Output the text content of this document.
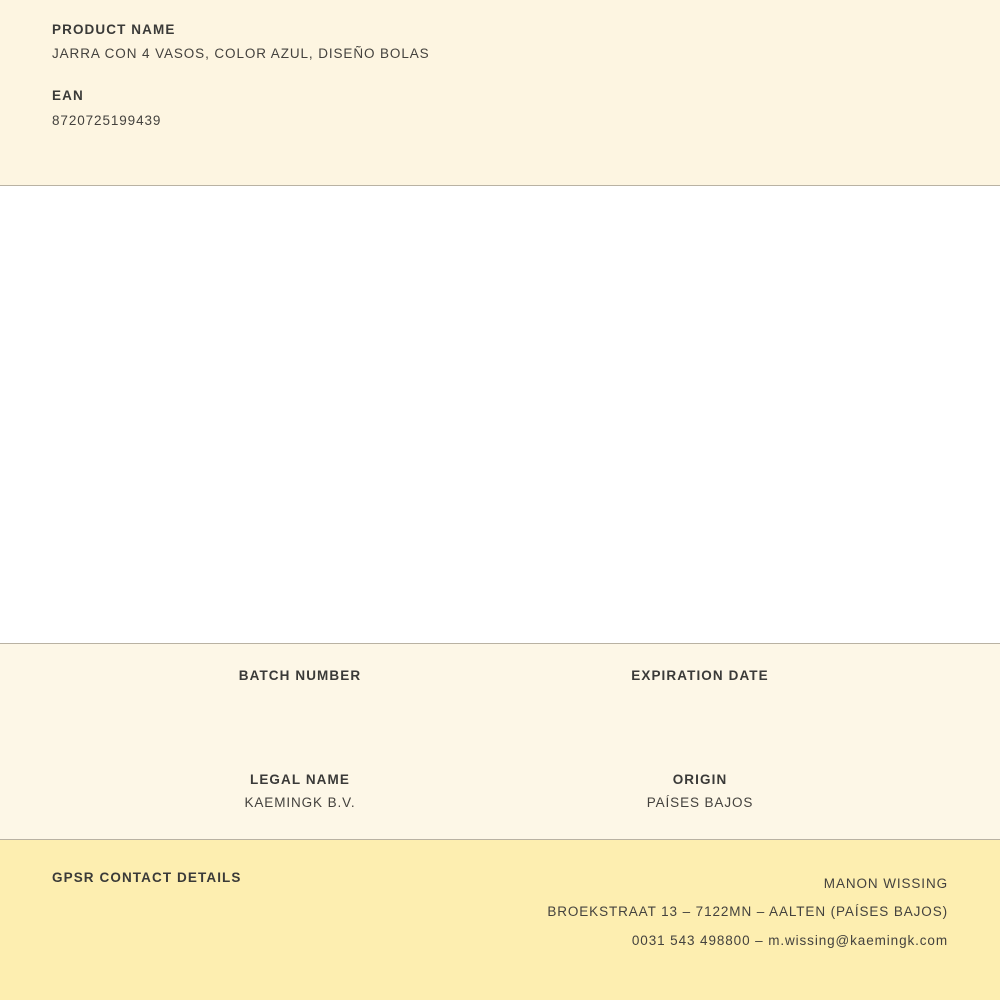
PRODUCT NAME
JARRA CON 4 VASOS, COLOR AZUL, DISEÑO BOLAS
EAN
8720725199439
BATCH NUMBER	EXPIRATION DATE
LEGAL NAME
KAEMINGK B.V.
ORIGIN
PAÍSES BAJOS
GPSR CONTACT DETAILS	MANON WISSING
BROEKSTRAAT 13 – 7122MN – AALTEN (PAÍSES BAJOS)
0031 543 498800 – m.wissing@kaemingk.com
